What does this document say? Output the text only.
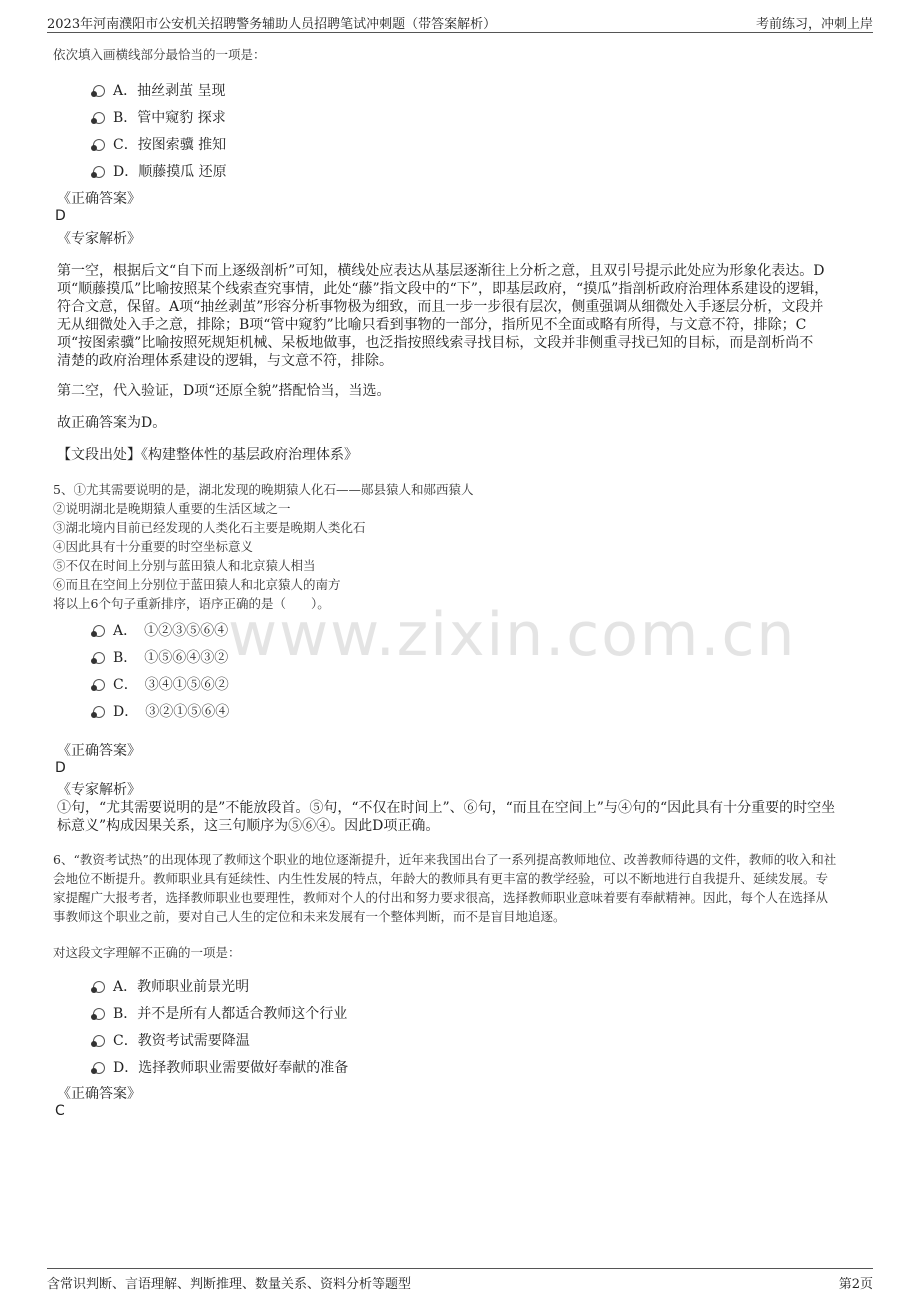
2023年河南濮阳市公安机关招聘警务辅助人员招聘笔试冲刺题（带答案解析）	考前练习，冲刺上岸
www.zixin.com.cn
依次填入画横线部分最恰当的一项是：
A．抽丝剥茧 呈现
B．管中窥豹 探求
C．按图索骥 推知
D．顺藤摸瓜 还原
《正确答案》
D
《专家解析》
第一空，根据后文“自下而上逐级剖析”可知，横线处应表达从基层逐渐往上分析之意，且双引号提示此处应为形象化表达。D
项“顺藤摸瓜”比喻按照某个线索查究事情，此处“藤”指文段中的“下”，即基层政府，“摸瓜”指剖析政府治理体系建设的逻辑，
符合文意，保留。A项“抽丝剥茧”形容分析事物极为细致，而且一步一步很有层次，侧重强调从细微处入手逐层分析，文段并
无从细微处入手之意，排除；B项“管中窥豹”比喻只看到事物的一部分，指所见不全面或略有所得，与文意不符，排除；C
项“按图索骥”比喻按照死规矩机械、呆板地做事，也泛指按照线索寻找目标，文段并非侧重寻找已知的目标，而是剖析尚不
清楚的政府治理体系建设的逻辑，与文意不符，排除。
第二空，代入验证，D项“还原全貌”搭配恰当，当选。
故正确答案为D。
【文段出处】《构建整体性的基层政府治理体系》
5、①尤其需要说明的是，湖北发现的晚期猿人化石——郧县猿人和郧西猿人
②说明湖北是晚期猿人重要的生活区域之一
③湖北境内目前已经发现的人类化石主要是晚期人类化石
④因此具有十分重要的时空坐标意义
⑤不仅在时间上分别与蓝田猿人和北京猿人相当
⑥而且在空间上分别位于蓝田猿人和北京猿人的南方
将以上6个句子重新排序，语序正确的是（　　）。
A．　①②③⑤⑥④
B．　①⑤⑥④③②
C．　③④①⑤⑥②
D．　③②①⑤⑥④
《正确答案》
D
《专家解析》
①句，“尤其需要说明的是”不能放段首。⑤句，“不仅在时间上”、⑥句，“而且在空间上”与④句的“因此具有十分重要的时空坐
标意义”构成因果关系，这三句顺序为⑤⑥④。因此D项正确。
6、“教资考试热”的出现体现了教师这个职业的地位逐渐提升，近年来我国出台了一系列提高教师地位、改善教师待遇的文件，教师的收入和社
会地位不断提升。教师职业具有延续性、内生性发展的特点，年龄大的教师具有更丰富的教学经验，可以不断地进行自我提升、延续发展。专
家提醒广大报考者，选择教师职业也要理性，教师对个人的付出和努力要求很高，选择教师职业意味着要有奉献精神。因此，每个人在选择从
事教师这个职业之前，要对自己人生的定位和未来发展有一个整体判断，而不是盲目地追逐。
对这段文字理解不正确的一项是：
A．教师职业前景光明
B．并不是所有人都适合教师这个行业
C．教资考试需要降温
D．选择教师职业需要做好奉献的准备
《正确答案》
C
含常识判断、言语理解、判断推理、数量关系、资料分析等题型	第2页
